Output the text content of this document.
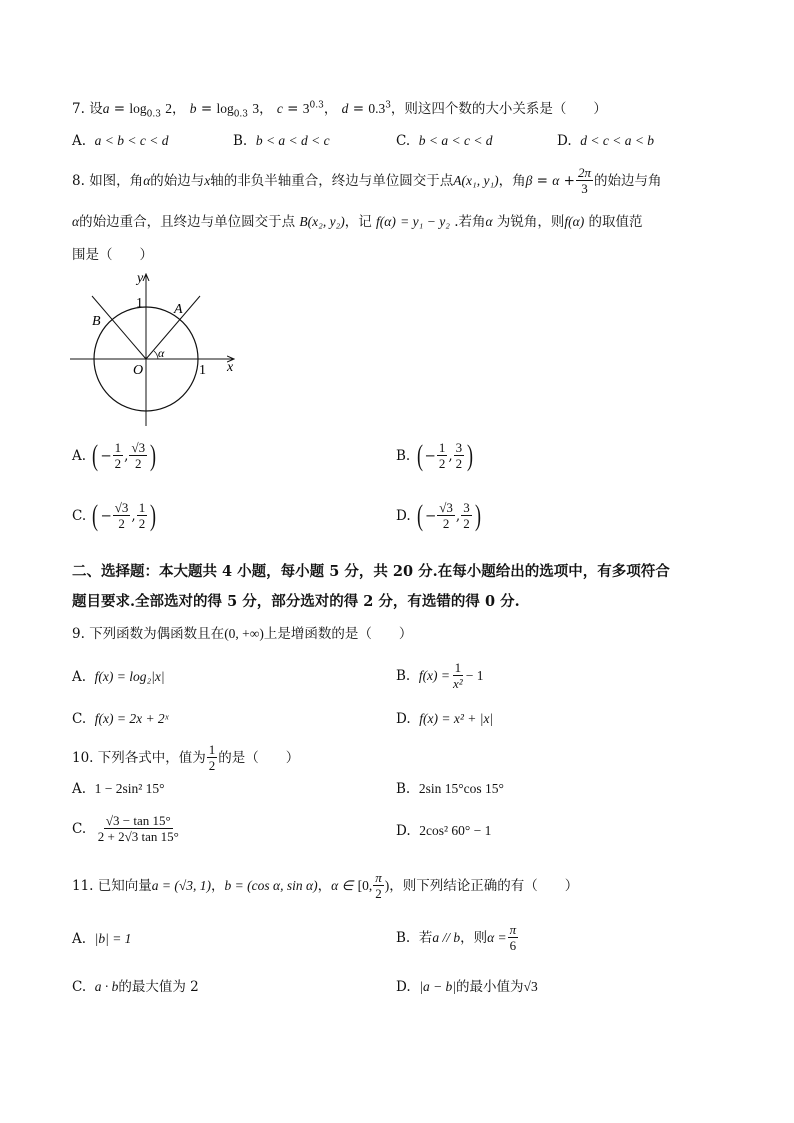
7. 设$a = \log_{0.3} 2$， $b = \log_{0.3} 3$， $c = 3^{0.3}$， $d = 0.3^3$，则这四个数的大小关系是（　　）
A. a < b < c < d	B. b < a < d < c	C. b < a < c < d	D. d < c < a < b
8.
如图，角 α 的始边与 x 轴的非负半轴重合，终边与单位圆交于点 A(x₁, y₁) ，角 β
=
α
+ $\frac{2\pi}{3}$ 的始边与角
α的始边重合，且终边与单位圆交于点 B(x₂, y₂)，记 f(α) = y₁ − y₂ .若角α 为锐角，则f(α) 的取值范
围是（　　）
y
x
1
1
O
A
B
α
A.
( − $\frac{1}{2}$ , $\frac{√3}{2}$ )	B.
( − $\frac{1}{2}$ , $\frac{3}{2}$ )
C.
( − $\frac{√3}{2}$ , $\frac{1}{2}$ )	D.
( − $\frac{√3}{2}$ , $\frac{3}{2}$ )
二、选择题：本大题共 4 小题，每小题 5 分，共 20 分.在每小题给出的选项中，有多项符合
题目要求.全部选对的得 5 分，部分选对的得 2 分，有选错的得 0 分.
9. 下列函数为偶函数且在(0, +∞)上是增函数的是（　　）
A. f(x) = log₂|x|	B.
$f(x) = \frac{1}{\text{x²}} - 1$
C. f(x) = 2x + 2ˣ	D. f(x) = x² + |x|
10.
下列各式中，值为 $\frac{1}{2}$ 的是（　　）
A. 1 − 2sin² 15°	B. 2sin 15°cos 15°
C.
$\frac{√3 - \tan 15^\circ}{2 + 2√3 \tan 15^\circ}$	D. 2cos² 60° − 1
11.
已知向量 a = (√3, 1) ， b = (cos α, sin α) ， α ∈
[0, $\frac{\pi}{2}$ ) ，则下列结论正确的有（　　）
A. |b| = 1	B.
若 a // b ，则 $\alpha = \frac{\pi}{6}$
C. a · b的最大值为 2	D. |a − b|的最小值为√3
